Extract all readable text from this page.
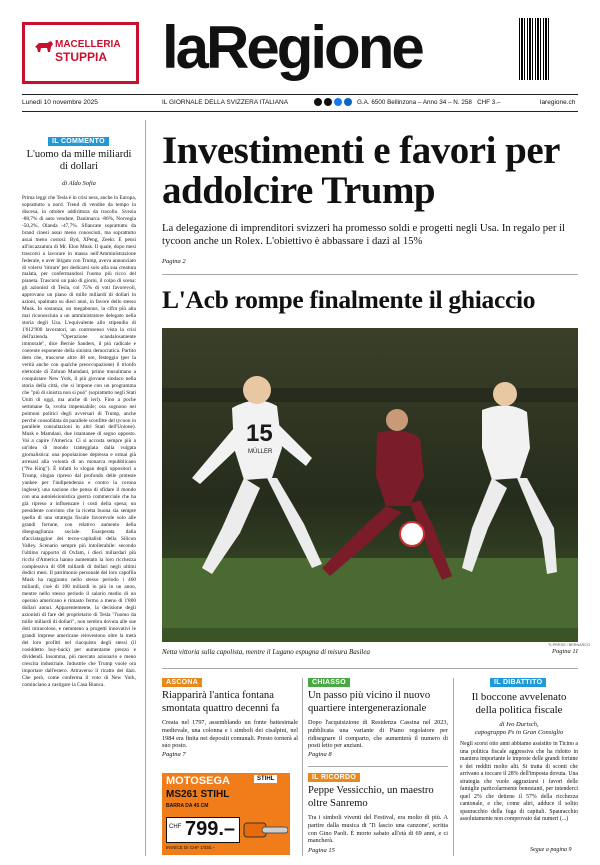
MACELLERIA
STUPPIA laRegione
Lunedì 10 novembre 2025	IL GIORNALE DELLA SVIZZERA ITALIANA	G.A. 6500 Bellinzona – Anno 34 – N. 258   CHF 3.–	laregione.ch
IL COMMENTO
L'uomo da mille miliardi di dollari
di Aldo Sofia
Prima leggi che Tesla è in crisi nera, anche in Europa, soprattutto a nord. Trend di vendite da tempo in discesa, in ottobre addirittura da tracollo. Svezia -88,7% di auto vendute, Danimarca -86%, Norvegia -50,2%, Olanda -47,7%. Sfiancate soprattutto da brand cinesi assai meno conosciuti, ma soprattutto assai meno costosi: Byd, XPeng, Zeekr. E pensi all'incazzatura di Mr. Elon Musk. Il quale, dopo mesi trascorsi a lavorare in massa nell'Amministrazione federale, e aver litigato con Trump, aveva annunciato di volersi 'ritirare' per dedicarsi solo alla sua creatura malata, per confermandosi l'uomo più ricco del pianeta. Trascorsi un paio di giorni, il colpo di scena: gli azionisti di Tesla, col 75% di voti favorevoli, approvano un piano di mille miliardi di dollari in azioni, spalmato su dieci anni, in favore dello stesso Musk. In sostanza, un megabonus, la cifra più alta mai riconosciuta a un amministratore delegato nella storia degli Usa. L'equivalente allo stipendio di 1'612'900 lavoratori, un controsenso vista la crisi dell'azienda. "Operazione scandalosamente immorale", dice Bernie Sanders, il più radicale e coerente esponente della sinistra democratica. Partito dem che, trascorse altre 48 ore, festeggia (per la verità anche con qualche preoccupazione) il trionfo elettorale di Zohran Mamdani, primo musulmano a conquistare New York, il più giovane sindaco nella storia della città, che si impone con un programma che "più di sinistra non si può" (soprattutto negli Stati Uniti di oggi, ma anche di ieri). Fino a poche settimane fa, svolta impensabile; ora sognono nei polmoni politici degli avversari di Trump, anche perché consolidata da parallele sconfitte del tycoon in parallele consultazioni in altri Stati dell'Unione). Musk e Mamdani, due istantanee di segno opposto. Vai a capire l'America. Ci si accosta sempre più a un'idea di mondo tratteggiata dalla vulgata giornalistica: una popolazione depressa e ormai già arresasi alla volontà di un monarca repubblicano ("No King"). È infatti lo slogan degli oppositori a Trump, slogan ripreso dal profondo delle proteste yankee per l'indipendenza e contro la corona inglese); una nazione che pensa di sfidare il mondo con una autoleisionistica guerra commerciale che ha già ripreso a influenzare i costi della spesa; un presidente convinto che la ricetta buona sia sempre quella di una strategia fiscale favorevole solo alle grandi fortune, con relativo aumento della diseguaglianza sociale. Esasperata dalla sfacciataggine dei tecno-capitalisti della Silicon Valley. Scenario sempre più intollerabile: secondo l'ultimo rapporto di Oxfam, i dieci miliardari più ricchi d'America hanno aumentato la loro ricchezza complessiva di 698 miliardi di dollari negli ultimi dodici mesi. Il patrimonio personale del loro capofila Musk ha raggiunto nello stesso periodo i 460 miliardi, cioè di 100 miliardi in più in un anno, mentre nello stesso periodo il salario medio di un operaio americano è rimasto fermo a meno di 1'800 dollari annui. Apparentemente, la decisione degli azionisti di fare del proprietario di Tesla "l'uomo da mille miliardi di dollari", non sembra dovuta alle sue doti miracolose, e nemmeno a progetti innovativi le grandi imprese americane reinvestono oltre la metà dei loro profitti nel riacquisto degli stessi (il cosiddetto buy-back) per aumentarne prezzo e dividendi. Insomma, più mercato azionario e meno crescita industriale. Industrie che Trump vuole ora importare dall'estero. Attraverso il ricatto dei dazi. Che però, come conferma il voto di New York, cominciano a castigare la Casa Bianca.
Investimenti e favori per addolcire Trump
La delegazione di imprenditori svizzeri ha promesso soldi e progetti negli Usa. In regalo per il tycoon anche un Rolex. L'obiettivo è abbassare i dazi al 15%
Pagina 2
L'Acb rompe finalmente il ghiaccio
15
MÜLLER
TI-PRESS / BERNASCO
Netta vittoria sulla capolista, mentre il Lugano espugna di misura Basilea	Pagina 11
ASCONA
Riapparirà l'antica fontana smontata quattro decenni fa
Creata nel 1797, assemblando un fonte battesimale medievale, una colonna e i simboli dei cisalpini, nel 1984 era finita nei depositi comunali. Presto tornerà al suo posto.
Pagina 7
MOTOSEGA
MS261 STIHL
STIHL
BARRA DA 45 CM
CHF 799.–
INVECE DI CHF 1'030.–
CHIASSO
Un passo più vicino il nuovo quartiere intergenerazionale
Dopo l'acquisizione di Residenza Cassina nel 2023, pubblicata una variante di Piano regolatore per ridisegnare il comparto, che aumenterà il numero di posti letto per anziani.
Pagina 8
IL RICORDO
Peppe Vessicchio, un maestro oltre Sanremo
Tra i simboli viventi del Festival, era molto di più. A partire dalla musica di 'Ti lascio una canzone', scritta con Gino Paoli. È morto sabato all'età di 69 anni, e ci mancherà.
Pagina 15
IL DIBATTITO
Il boccone avvelenato della politica fiscale
di Ivo Durisch,
capogruppo Ps in Gran Consiglio
Negli scorsi otto anni abbiamo assistito in Ticino a una politica fiscale aggressiva che ha ridotto in maniera importante le imposte delle grandi fortune e dei redditi molto alti. Si tratta di sconti che arrivano a toccare il 28% dell'imposta dovuta. Una strategia che vuole aggraziarsi i favori delle famiglie particolarmente benestanti, per intenderci quel 2% che detiene il 57% della ricchezza cantonale, e che, come altri, adduce il solito spauracchio della fuga di capitali. Spauracchio assolutamente non comprovato dai numeri (...)
Segue a pagina 9
